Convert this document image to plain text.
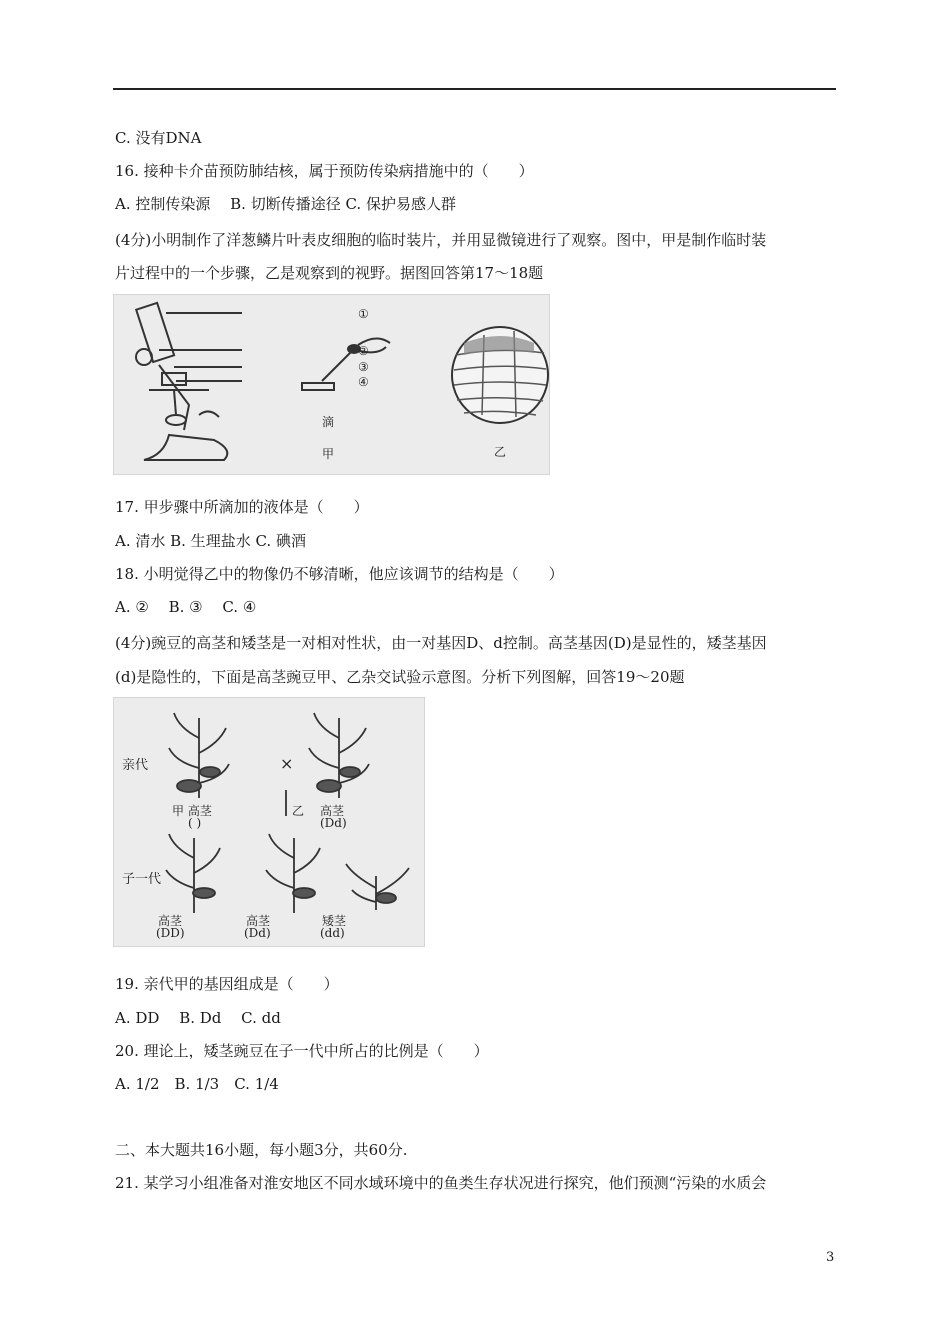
C. 没有DNA
16. 接种卡介苗预防肺结核，属于预防传染病措施中的（　　）
A. 控制传染源　 B. 切断传播途径 C. 保护易感人群
(4分)小明制作了洋葱鳞片叶表皮细胞的临时装片，并用显微镜进行了观察。图中，甲是制作临时装
片过程中的一个步骤，乙是观察到的视野。据图回答第17～18题
①
②
③
④
滴
甲	乙
17. 甲步骤中所滴加的液体是（　　）
A. 清水 B. 生理盐水 C. 碘酒
18. 小明觉得乙中的物像仍不够清晰，他应该调节的结构是（　　）
A. ②　 B. ③　 C. ④
(4分)豌豆的高茎和矮茎是一对相对性状，由一对基因D、d控制。高茎基因(D)是显性的，矮茎基因
(d)是隐性的，下面是高茎豌豆甲、乙杂交试验示意图。分析下列图解，回答19～20题
亲代	×
乙
甲 高茎
( )
高茎
(Dd)
子一代
高茎
(DD)
高茎
(Dd)
矮茎
(dd)
19. 亲代甲的基因组成是（　　）
A. DD　 B. Dd　 C. dd
20. 理论上，矮茎豌豆在子一代中所占的比例是（　　）
A. 1/2　B. 1/3　C. 1/4
二、本大题共16小题，每小题3分，共60分.
21. 某学习小组准备对淮安地区不同水域环境中的鱼类生存状况进行探究，他们预测“污染的水质会
3
